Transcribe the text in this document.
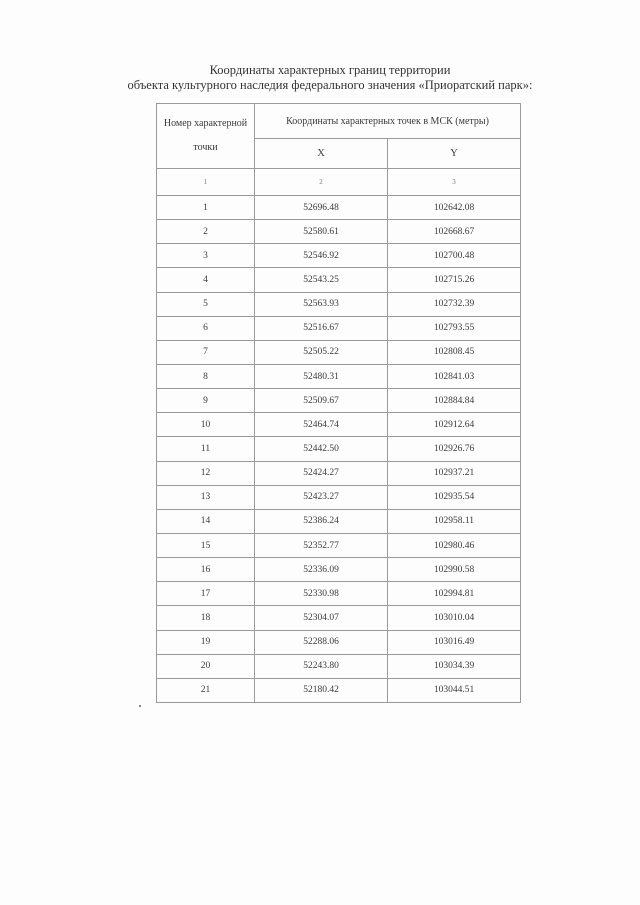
Координаты характерных границ территории
объекта культурного наследия федерального значения «Приоратский парк»:
Номер характерной точки	Координаты характерных точек в МСК (метры)	
	X	Y
1	2	3
1	52696.48	102642.08
2	52580.61	102668.67
3	52546.92	102700.48
4	52543.25	102715.26
5	52563.93	102732.39
6	52516.67	102793.55
7	52505.22	102808.45
8	52480.31	102841.03
9	52509.67	102884.84
10	52464.74	102912.64
11	52442.50	102926.76
12	52424.27	102937.21
13	52423.27	102935.54
14	52386.24	102958.11
15	52352.77	102980.46
16	52336.09	102990.58
17	52330.98	102994.81
18	52304.07	103010.04
19	52288.06	103016.49
20	52243.80	103034.39
21	52180.42	103044.51
